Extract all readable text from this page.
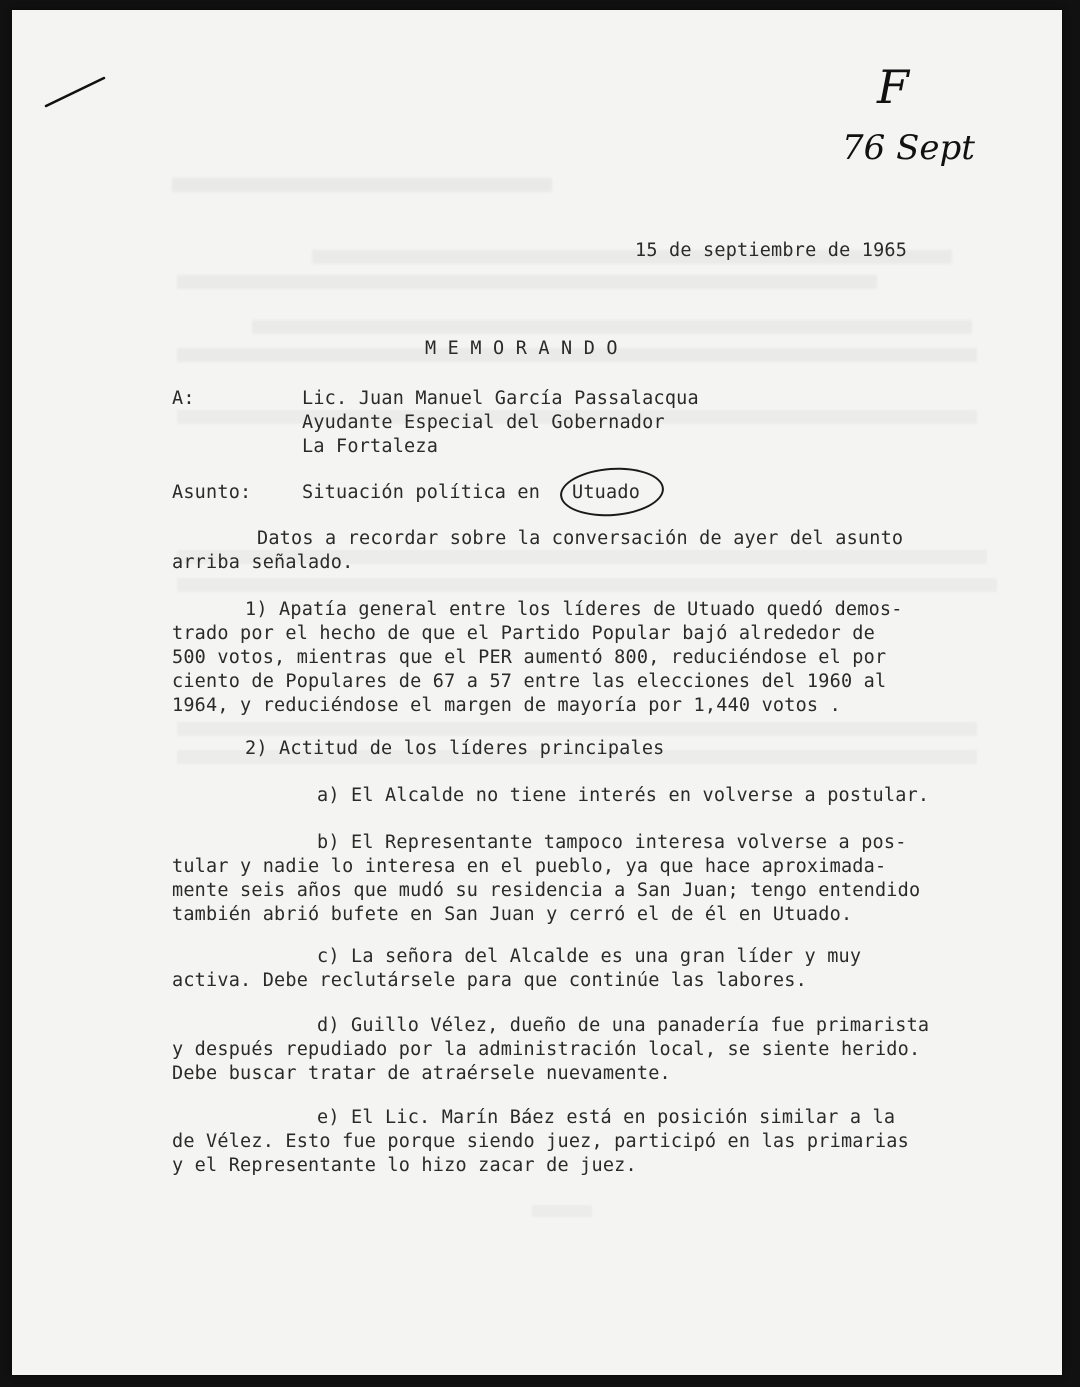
F
76 Sept
15 de septiembre de 1965
M E M O R A N D O
A:	Lic. Juan Manuel García Passalacqua
Ayudante Especial del Gobernador
La Fortaleza
Asunto:	Situación política en Utuado
Datos a recordar sobre la conversación de ayer del asunto
arriba señalado.
1) Apatía general entre los líderes de Utuado quedó demos-
trado por el hecho de que el Partido Popular bajó alrededor de
500 votos, mientras que el PER aumentó 800, reduciéndose el por
ciento de Populares de 67 a 57 entre las elecciones del 1960 al
1964, y reduciéndose el margen de mayoría por 1,440 votos .
2) Actitud de los líderes principales
a) El Alcalde no tiene interés en volverse a postular.
b) El Representante tampoco interesa volverse a pos-
tular y nadie lo interesa en el pueblo, ya que hace aproximada-
mente seis años que mudó su residencia a San Juan; tengo entendido
también abrió bufete en San Juan y cerró el de él en Utuado.
c) La señora del Alcalde es una gran líder y muy
activa. Debe reclutársele para que continúe las labores.
d) Guillo Vélez, dueño de una panadería fue primarista
y después repudiado por la administración local, se siente herido.
Debe buscar tratar de atraérsele nuevamente.
e) El Lic. Marín Báez está en posición similar a la
de Vélez. Esto fue porque siendo juez, participó en las primarias
y el Representante lo hizo zacar de juez.
